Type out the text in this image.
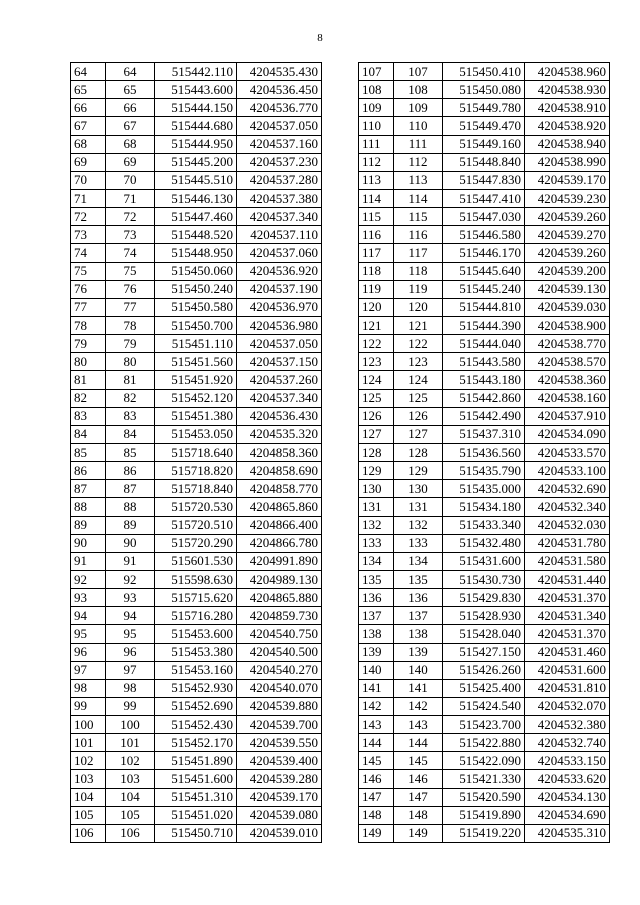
8
64	64	515442.110	4204535.430
65	65	515443.600	4204536.450
66	66	515444.150	4204536.770
67	67	515444.680	4204537.050
68	68	515444.950	4204537.160
69	69	515445.200	4204537.230
70	70	515445.510	4204537.280
71	71	515446.130	4204537.380
72	72	515447.460	4204537.340
73	73	515448.520	4204537.110
74	74	515448.950	4204537.060
75	75	515450.060	4204536.920
76	76	515450.240	4204537.190
77	77	515450.580	4204536.970
78	78	515450.700	4204536.980
79	79	515451.110	4204537.050
80	80	515451.560	4204537.150
81	81	515451.920	4204537.260
82	82	515452.120	4204537.340
83	83	515451.380	4204536.430
84	84	515453.050	4204535.320
85	85	515718.640	4204858.360
86	86	515718.820	4204858.690
87	87	515718.840	4204858.770
88	88	515720.530	4204865.860
89	89	515720.510	4204866.400
90	90	515720.290	4204866.780
91	91	515601.530	4204991.890
92	92	515598.630	4204989.130
93	93	515715.620	4204865.880
94	94	515716.280	4204859.730
95	95	515453.600	4204540.750
96	96	515453.380	4204540.500
97	97	515453.160	4204540.270
98	98	515452.930	4204540.070
99	99	515452.690	4204539.880
100	100	515452.430	4204539.700
101	101	515452.170	4204539.550
102	102	515451.890	4204539.400
103	103	515451.600	4204539.280
104	104	515451.310	4204539.170
105	105	515451.020	4204539.080
106	106	515450.710	4204539.010
107	107	515450.410	4204538.960
108	108	515450.080	4204538.930
109	109	515449.780	4204538.910
110	110	515449.470	4204538.920
111	111	515449.160	4204538.940
112	112	515448.840	4204538.990
113	113	515447.830	4204539.170
114	114	515447.410	4204539.230
115	115	515447.030	4204539.260
116	116	515446.580	4204539.270
117	117	515446.170	4204539.260
118	118	515445.640	4204539.200
119	119	515445.240	4204539.130
120	120	515444.810	4204539.030
121	121	515444.390	4204538.900
122	122	515444.040	4204538.770
123	123	515443.580	4204538.570
124	124	515443.180	4204538.360
125	125	515442.860	4204538.160
126	126	515442.490	4204537.910
127	127	515437.310	4204534.090
128	128	515436.560	4204533.570
129	129	515435.790	4204533.100
130	130	515435.000	4204532.690
131	131	515434.180	4204532.340
132	132	515433.340	4204532.030
133	133	515432.480	4204531.780
134	134	515431.600	4204531.580
135	135	515430.730	4204531.440
136	136	515429.830	4204531.370
137	137	515428.930	4204531.340
138	138	515428.040	4204531.370
139	139	515427.150	4204531.460
140	140	515426.260	4204531.600
141	141	515425.400	4204531.810
142	142	515424.540	4204532.070
143	143	515423.700	4204532.380
144	144	515422.880	4204532.740
145	145	515422.090	4204533.150
146	146	515421.330	4204533.620
147	147	515420.590	4204534.130
148	148	515419.890	4204534.690
149	149	515419.220	4204535.310
